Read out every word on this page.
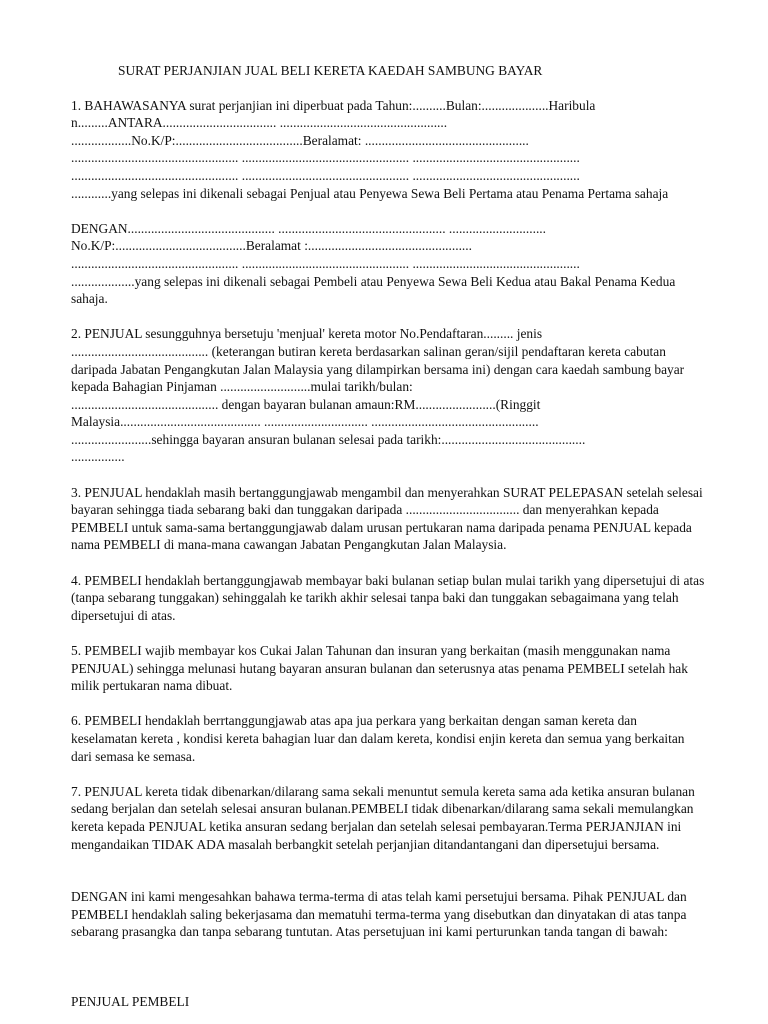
SURAT PERJANJIAN JUAL BELI KERETA KAEDAH SAMBUNG BAYAR

1. BAHAWASANYA surat perjanjian ini diperbuat pada Tahun:..........Bulan:....................Haribula

n.........ANTARA.................................. ..................................................

..................No.K/P:......................................Beralamat: .................................................

.................................................. .................................................. ..................................................

.................................................. .................................................. ..................................................

............yang selepas ini dikenali sebagai Penjual atau Penyewa Sewa Beli Pertama atau Penama Pertama sahaja

DENGAN............................................ .................................................. .............................

No.K/P:.......................................Beralamat :.................................................

.................................................. .................................................. ..................................................

...................yang selepas ini dikenali sebagai Pembeli atau Penyewa Sewa Beli Kedua atau Bakal Penama Kedua sahaja.

2. PENJUAL sesungguhnya bersetuju 'menjual' kereta motor No.Pendaftaran......... jenis

......................................... (keterangan butiran kereta berdasarkan salinan geran/sijil pendaftaran kereta cabutan daripada Jabatan Pengangkutan Jalan Malaysia yang dilampirkan bersama ini) dengan cara kaedah sambung bayar kepada Bahagian Pinjaman ...........................mulai tarikh/bulan:

............................................ dengan bayaran bulanan amaun:RM........................(Ringgit

Malaysia.......................................... ............................... ..................................................

........................sehingga bayaran ansuran bulanan selesai pada tarikh:...........................................

................

3. PENJUAL hendaklah masih bertanggungjawab mengambil dan menyerahkan SURAT PELEPASAN setelah selesai bayaran sehingga tiada sebarang baki dan tunggakan daripada .................................. dan menyerahkan kepada PEMBELI untuk sama-sama bertanggungjawab dalam urusan pertukaran nama daripada penama PENJUAL kepada nama PEMBELI di mana-mana cawangan Jabatan Pengangkutan Jalan Malaysia.

4. PEMBELI hendaklah bertanggungjawab membayar baki bulanan setiap bulan mulai tarikh yang dipersetujui di atas (tanpa sebarang tunggakan) sehinggalah ke tarikh akhir selesai tanpa baki dan tunggakan sebagaimana yang telah dipersetujui di atas.

5. PEMBELI wajib membayar kos Cukai Jalan Tahunan dan insuran yang berkaitan (masih menggunakan nama PENJUAL) sehingga melunasi hutang bayaran ansuran bulanan dan seterusnya atas penama PEMBELI setelah hak milik pertukaran nama dibuat.

6. PEMBELI hendaklah berrtanggungjawab atas apa jua perkara yang berkaitan dengan saman kereta dan keselamatan kereta , kondisi kereta bahagian luar dan dalam kereta, kondisi enjin kereta dan semua yang berkaitan dari semasa ke semasa.

7. PENJUAL kereta tidak dibenarkan/dilarang sama sekali menuntut semula kereta sama ada ketika ansuran bulanan sedang berjalan dan setelah selesai ansuran bulanan.PEMBELI tidak dibenarkan/dilarang sama sekali memulangkan kereta kepada PENJUAL ketika ansuran sedang berjalan dan setelah selesai pembayaran.Terma PERJANJIAN ini mengandaikan TIDAK ADA masalah berbangkit setelah perjanjian ditandantangani dan dipersetujui bersama.

DENGAN ini kami mengesahkan bahawa terma-terma di atas telah kami persetujui bersama. Pihak PENJUAL dan PEMBELI hendaklah saling bekerjasama dan mematuhi terma-terma yang disebutkan dan dinyatakan di atas tanpa sebarang prasangka dan tanpa sebarang tuntutan. Atas persetujuan ini kami perturunkan tanda tangan di bawah:

PENJUAL PEMBELI
